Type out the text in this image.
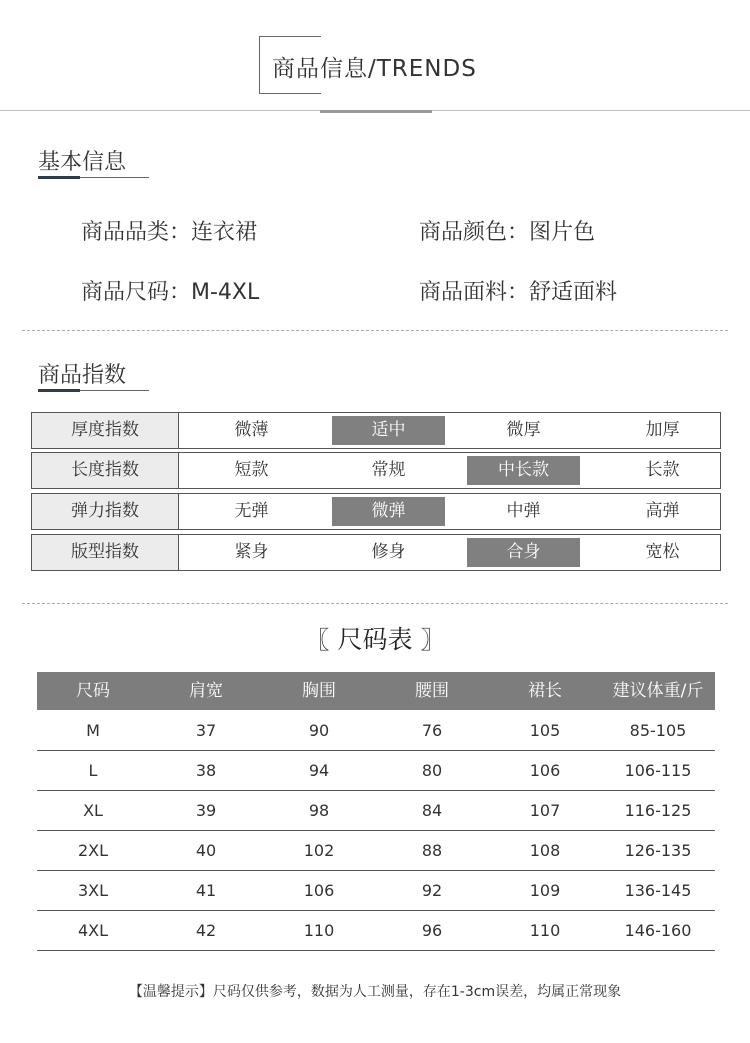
商品信息/TRENDS
基本信息
商品品类：连衣裙	商品颜色：图片色
商品尺码：M-4XL	商品面料：舒适面料
商品指数
厚度指数	微薄	适中	微厚	加厚
长度指数	短款	常规	中长款	长款
弹力指数	无弹	微弹	中弹	高弹
版型指数	紧身	修身	合身	宽松
〖 尺码表 〗
尺码	肩宽	胸围	腰围	裙长	建议体重/斤
M	37	90	76	105	85-105
L	38	94	80	106	106-115
XL	39	98	84	107	116-125
2XL	40	102	88	108	126-135
3XL	41	106	92	109	136-145
4XL	42	110	96	110	146-160
【温馨提示】尺码仅供参考，数据为人工测量，存在1-3cm误差，均属正常现象
